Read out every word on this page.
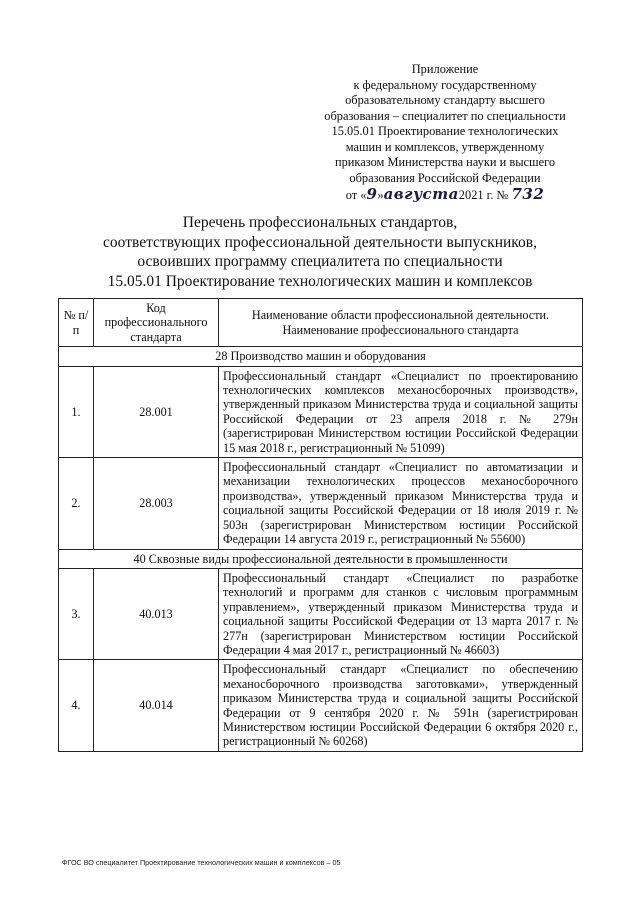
Приложение
к федеральному государственному
образовательному стандарту высшего
образования – специалитет по специальности
15.05.01 Проектирование технологических
машин и комплексов, утвержденному
приказом Министерства науки и высшего
образования Российской Федерации
от «9»августа2021 г. № 732
Перечень профессиональных стандартов,
соответствующих профессиональной деятельности выпускников,
освоивших программу специалитета по специальности
15.05.01 Проектирование технологических машин и комплексов
№ п/п	Код профессионального стандарта	Наименование области профессиональной деятельности. Наименование профессионального стандарта
28 Производство машин и оборудования		
1.	28.001	Профессиональный стандарт «Специалист по проектированию технологических комплексов механосборочных производств», утвержденный приказом Министерства труда и социальной защиты Российской Федерации от 23 апреля 2018 г. № 279н (зарегистрирован Министерством юстиции Российской Федерации 15 мая 2018 г., регистрационный № 51099)
2.	28.003	Профессиональный стандарт «Специалист по автоматизации и механизации технологических процессов механосборочного производства», утвержденный приказом Министерства труда и социальной защиты Российской Федерации от 18 июля 2019 г. № 503н (зарегистрирован Министерством юстиции Российской Федерации 14 августа 2019 г., регистрационный № 55600)
40 Сквозные виды профессиональной деятельности в промышленности		
3.	40.013	Профессиональный стандарт «Специалист по разработке технологий и программ для станков с числовым программным управлением», утвержденный приказом Министерства труда и социальной защиты Российской Федерации от 13 марта 2017 г. № 277н (зарегистрирован Министерством юстиции Российской Федерации 4 мая 2017 г., регистрационный № 46603)
4.	40.014	Профессиональный стандарт «Специалист по обеспечению механосборочного производства заготовками», утвержденный приказом Министерства труда и социальной защиты Российской Федерации от 9 сентября 2020 г. № 591н (зарегистрирован Министерством юстиции Российской Федерации 6 октября 2020 г., регистрационный № 60268)
ФГОС ВО специалитет Проектирование технологических машин и комплексов – 05
